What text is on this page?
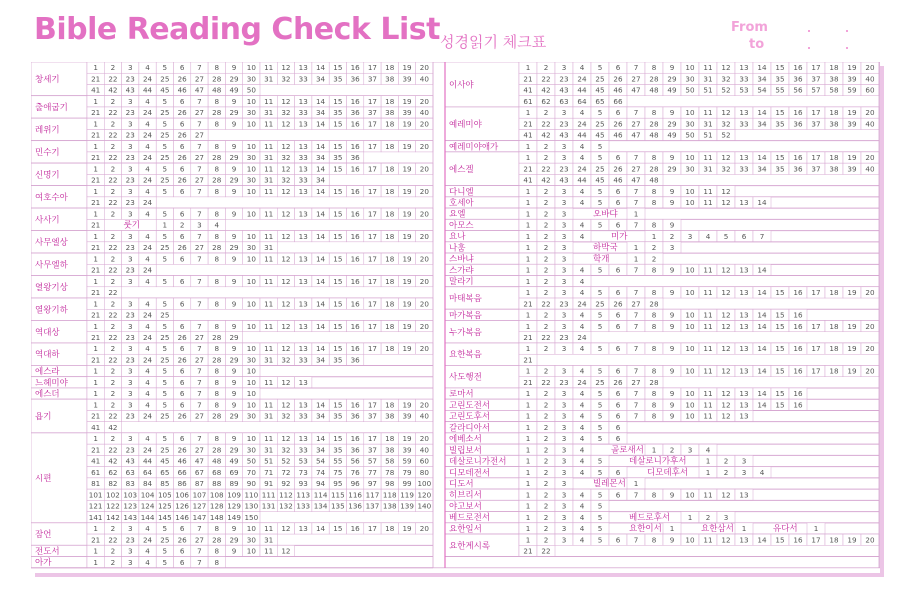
Bible Reading Check List 성경읽기 체크표
From
to
창세기
1 2 3 4 5 6 7 8 9 10 11 12 13 14 15 16 17 18 19 20
21 22 23 24 25 26 27 28 29 30 31 32 33 34 35 36 37 38 39 40
41 42 43 44 45 46 47 48 49 50
출애굽기
1 2 3 4 5 6 7 8 9 10 11 12 13 14 15 16 17 18 19 20
21 22 23 24 25 26 27 28 29 30 31 32 33 34 35 36 37 38 39 40
레위기
1 2 3 4 5 6 7 8 9 10 11 12 13 14 15 16 17 18 19 20
21 22 23 24 25 26 27
민수기
1 2 3 4 5 6 7 8 9 10 11 12 13 14 15 16 17 18 19 20
21 22 23 24 25 26 27 28 29 30 31 32 33 34 35 36
신명기
1 2 3 4 5 6 7 8 9 10 11 12 13 14 15 16 17 18 19 20
21 22 23 24 25 26 27 28 29 30 31 32 33 34
여호수아
1 2 3 4 5 6 7 8 9 10 11 12 13 14 15 16 17 18 19 20
21 22 23 24
사사기
1 2 3 4 5 6 7 8 9 10 11 12 13 14 15 16 17 18 19 20
21	룻기	1 2 3 4
사무엘상
1 2 3 4 5 6 7 8 9 10 11 12 13 14 15 16 17 18 19 20
21 22 23 24 25 26 27 28 29 30 31
사무엘하
1 2 3 4 5 6 7 8 9 10 11 12 13 14 15 16 17 18 19 20
21 22 23 24
열왕기상
1 2 3 4 5 6 7 8 9 10 11 12 13 14 15 16 17 18 19 20
21 22
열왕기하
1 2 3 4 5 6 7 8 9 10 11 12 13 14 15 16 17 18 19 20
21 22 23 24 25
역대상
1 2 3 4 5 6 7 8 9 10 11 12 13 14 15 16 17 18 19 20
21 22 23 24 25 26 27 28 29
역대하
1 2 3 4 5 6 7 8 9 10 11 12 13 14 15 16 17 18 19 20
21 22 23 24 25 26 27 28 29 30 31 32 33 34 35 36
에스라	1 2 3 4 5 6 7 8 9 10
느헤미야	1 2 3 4 5 6 7 8 9 10 11 12 13
에스더	1 2 3 4 5 6 7 8 9 10
욥기
1 2 3 4 5 6 7 8 9 10 11 12 13 14 15 16 17 18 19 20
21 22 23 24 25 26 27 28 29 30 31 32 33 34 35 36 37 38 39 40
41 42
시편
1 2 3 4 5 6 7 8 9 10 11 12 13 14 15 16 17 18 19 20
21 22 23 24 25 26 27 28 29 30 31 32 33 34 35 36 37 38 39 40
41 42 43 44 45 46 47 48 49 50 51 52 53 54 55 56 57 58 59 60
61 62 63 64 65 66 67 68 69 70 71 72 73 74 75 76 77 78 79 80
81 82 83 84 85 86 87 88 89 90 91 92 93 94 95 96 97 98 99 100
101 102 103 104 105 106 107 108 109 110 111 112 113 114 115 116 117 118 119 120
121 122 123 124 125 126 127 128 129 130 131 132 133 134 135 136 137 138 139 140
141 142 143 144 145 146 147 148 149 150
잠언
1 2 3 4 5 6 7 8 9 10 11 12 13 14 15 16 17 18 19 20
21 22 23 24 25 26 27 28 29 30 31
전도서	1 2 3 4 5 6 7 8 9 10 11 12
아가	1 2 3 4 5 6 7 8
이사야
1 2 3 4 5 6 7 8 9 10 11 12 13 14 15 16 17 18 19 20
21 22 23 24 25 26 27 28 29 30 31 32 33 34 35 36 37 38 39 40
41 42 43 44 45 46 47 48 49 50 51 52 53 54 55 56 57 58 59 60
61 62 63 64 65 66
예레미야
1 2 3 4 5 6 7 8 9 10 11 12 13 14 15 16 17 18 19 20
21 22 23 24 25 26 27 28 29 30 31 32 33 34 35 36 37 38 39 40
41 42 43 44 45 46 47 48 49 50 51 52
예레미야애가	1 2 3 4 5
에스겔
1 2 3 4 5 6 7 8 9 10 11 12 13 14 15 16 17 18 19 20
21 22 23 24 25 26 27 28 29 30 31 32 33 34 35 36 37 38 39 40
41 42 43 44 45 46 47 48
다니엘	1 2 3 4 5 6 7 8 9 10 11 12
호세아	1 2 3 4 5 6 7 8 9 10 11 12 13 14
요엘	1 2 3	오바댜 1
아모스	1 2 3 4 5 6 7 8 9
요나	1 2 3 4	미가	1 2 3 4 5 6 7
나훔	1 2 3	하박국 1 2 3
스바냐	1 2 3	학개	1 2
스가랴	1 2 3 4 5 6 7 8 9 10 11 12 13 14
말라기	1 2 3 4
마태복음
1 2 3 4 5 6 7 8 9 10 11 12 13 14 15 16 17 18 19 20
21 22 23 24 25 26 27 28
마가복음	1 2 3 4 5 6 7 8 9 10 11 12 13 14 15 16
누가복음
1 2 3 4 5 6 7 8 9 10 11 12 13 14 15 16 17 18 19 20
21 22 23 24
요한복음
1 2 3 4 5 6 7 8 9 10 11 12 13 14 15 16 17 18 19 20
21
사도행전
1 2 3 4 5 6 7 8 9 10 11 12 13 14 15 16 17 18 19 20
21 22 23 24 25 26 27 28
로마서	1 2 3 4 5 6 7 8 9 10 11 12 13 14 15 16
고린도전서	1 2 3 4 5 6 7 8 9 10 11 12 13 14 15 16
고린도후서	1 2 3 4 5 6 7 8 9 10 11 12 13
갈라디아서	1 2 3 4 5 6
에베소서	1 2 3 4 5 6
빌립보서	1 2 3 4	골로새서 1 2 3 4
데살로니가전서	1 2 3 4 5	데살로니가후서	1 2 3
디모데전서	1 2 3 4 5 6	디모데후서 1 2 3 4
디도서	1 2 3	빌레몬서 1
히브리서	1 2 3 4 5 6 7 8 9 10 11 12 13
야고보서	1 2 3 4 5
베드로전서	1 2 3 4 5	베드로후서 1 2 3
요한일서	1 2 3 4 5	요한이서 1	요한삼서 1	유다서 1
요한계시록
1 2 3 4 5 6 7 8 9 10 11 12 13 14 15 16 17 18 19 20
21 22
